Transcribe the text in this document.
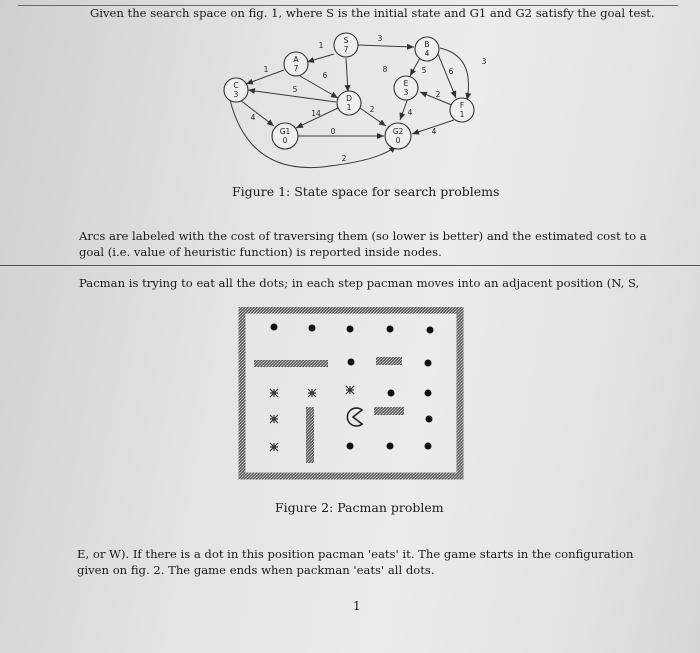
Given the search space on fig. 1, where S is the initial state and G1 and G2 satisfy the goal test.
S
7
A
7
B
4
C
3	D
1
E
3
F
1
G1
0
G2
0
1
3
1
6
8	5	6
3
5
4	14	2	4
2
4
0
2
Figure 1: State space for search problems
Arcs are labeled with the cost of traversing them (so lower is better) and the estimated cost to a
goal (i.e. value of heuristic function) is reported inside nodes.
Pacman is trying to eat all the dots; in each step pacman moves into an adjacent position (N, S,
Figure 2: Pacman problem
E, or W). If there is a dot in this position pacman 'eats' it. The game starts in the configuration
given on fig. 2. The game ends when packman 'eats' all dots.
1
